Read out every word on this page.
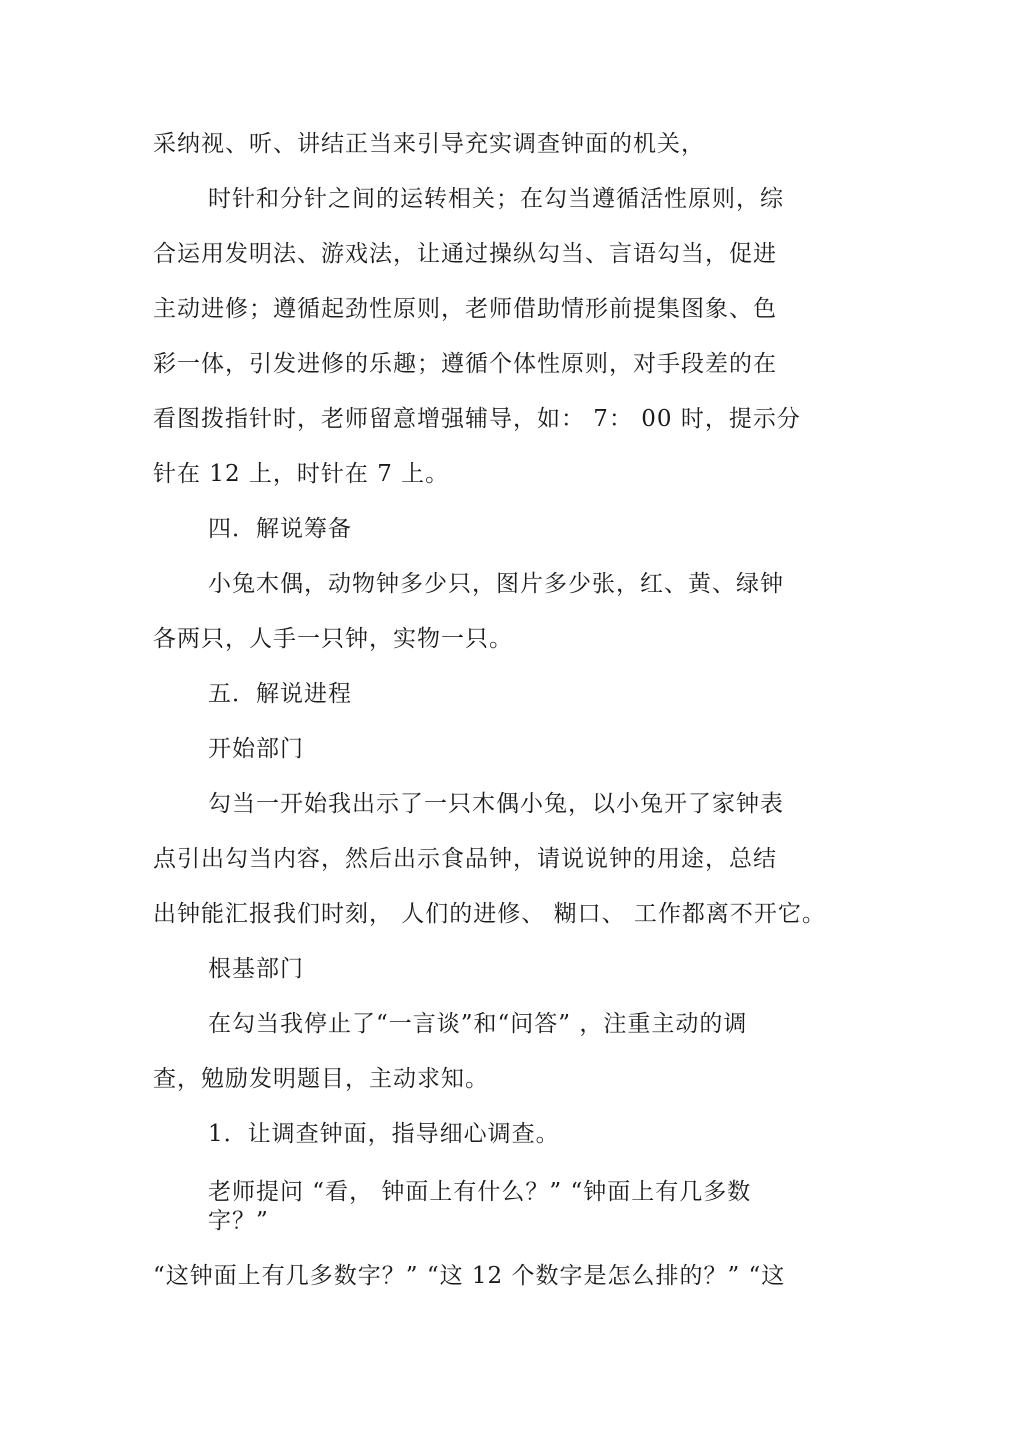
采纳视、听、讲结正当来引导充实调查钟面的机关，
时针和分针之间的运转相关；在勾当遵循活性原则，综
合运用发明法、游戏法，让通过操纵勾当、言语勾当，促进
主动进修；遵循起劲性原则，老师借助情形前提集图象、色
彩一体，引发进修的乐趣；遵循个体性原则，对手段差的在
看图拨指针时，老师留意增强辅导，如： 7： 00 时，提示分
针在 12 上，时针在 7 上。
四．解说筹备
小兔木偶，动物钟多少只，图片多少张，红、黄、绿钟
各两只，人手一只钟，实物一只。
五．解说进程
开始部门
勾当一开始我出示了一只木偶小兔，以小兔开了家钟表
点引出勾当内容，然后出示食品钟，请说说钟的用途，总结
出钟能汇报我们时刻， 人们的进修、 糊口、 工作都离不开它。
根基部门
在勾当我停止了“一言谈”和“问答” ，注重主动的调
查，勉励发明题目，主动求知。
1．让调查钟面，指导细心调查。
老师提问 “看， 钟面上有什么？” “钟面上有几多数
字？”
“这钟面上有几多数字？” “这 12 个数字是怎么排的？” “这
